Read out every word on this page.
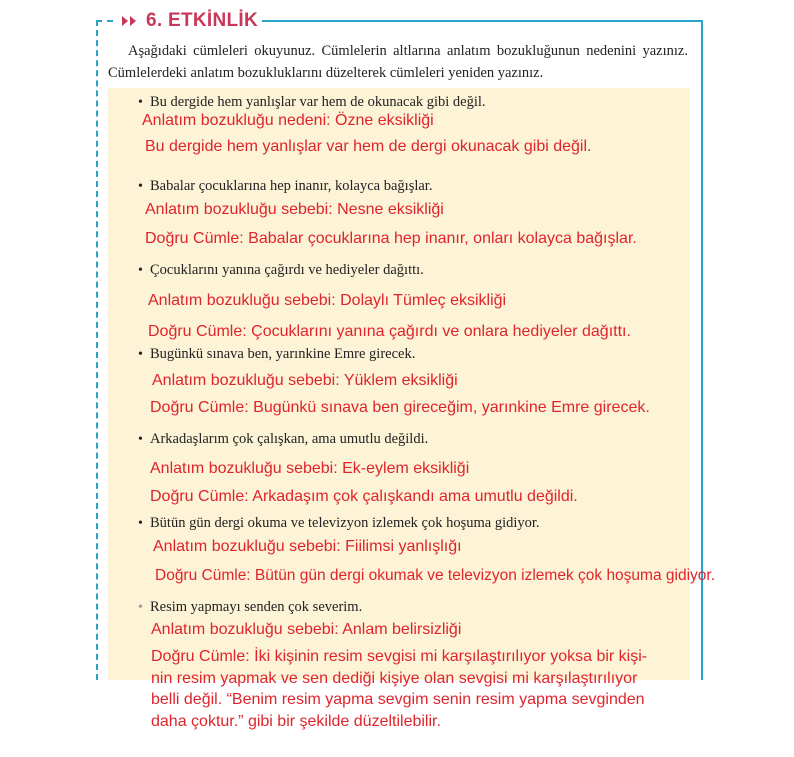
6. ETKİNLİK
Aşağıdaki cümleleri okuyunuz. Cümlelerin altlarına anlatım bozukluğunun nedenini yazınız. Cümlelerdeki anlatım bozukluklarını düzelterek cümleleri yeniden yazınız.
• Bu dergide hem yanlışlar var hem de okunacak gibi değil.
Anlatım bozukluğu nedeni: Özne eksikliği
Bu dergide hem yanlışlar var hem de dergi okunacak gibi değil.
• Babalar çocuklarına hep inanır, kolayca bağışlar.
Anlatım bozukluğu sebebi: Nesne eksikliği
Doğru Cümle: Babalar çocuklarına hep inanır, onları kolayca bağışlar.
• Çocuklarını yanına çağırdı ve hediyeler dağıttı.
Anlatım bozukluğu sebebi: Dolaylı Tümleç eksikliği
Doğru Cümle: Çocuklarını yanına çağırdı ve onlara hediyeler dağıttı.
• Bugünkü sınava ben, yarınkine Emre girecek.
Anlatım bozukluğu sebebi: Yüklem eksikliği
Doğru Cümle: Bugünkü sınava ben gireceğim, yarınkine Emre girecek.
• Arkadaşlarım çok çalışkan, ama umutlu değildi.
Anlatım bozukluğu sebebi: Ek-eylem eksikliği
Doğru Cümle: Arkadaşım çok çalışkandı ama umutlu değildi.
• Bütün gün dergi okuma ve televizyon izlemek çok hoşuma gidiyor.
Anlatım bozukluğu sebebi: Fiilimsi yanlışlığı
Doğru Cümle: Bütün gün dergi okumak ve televizyon izlemek çok hoşuma gidiyor.
• Resim yapmayı senden çok severim.
Anlatım bozukluğu sebebi: Anlam belirsizliği
Doğru Cümle: İki kişinin resim sevgisi mi karşılaştırılıyor yoksa bir kişi-
nin resim yapmak ve sen dediği kişiye olan sevgisi mi karşılaştırılıyor
belli değil. “Benim resim yapma sevgim senin resim yapma sevginden
daha çoktur.” gibi bir şekilde düzeltilebilir.
